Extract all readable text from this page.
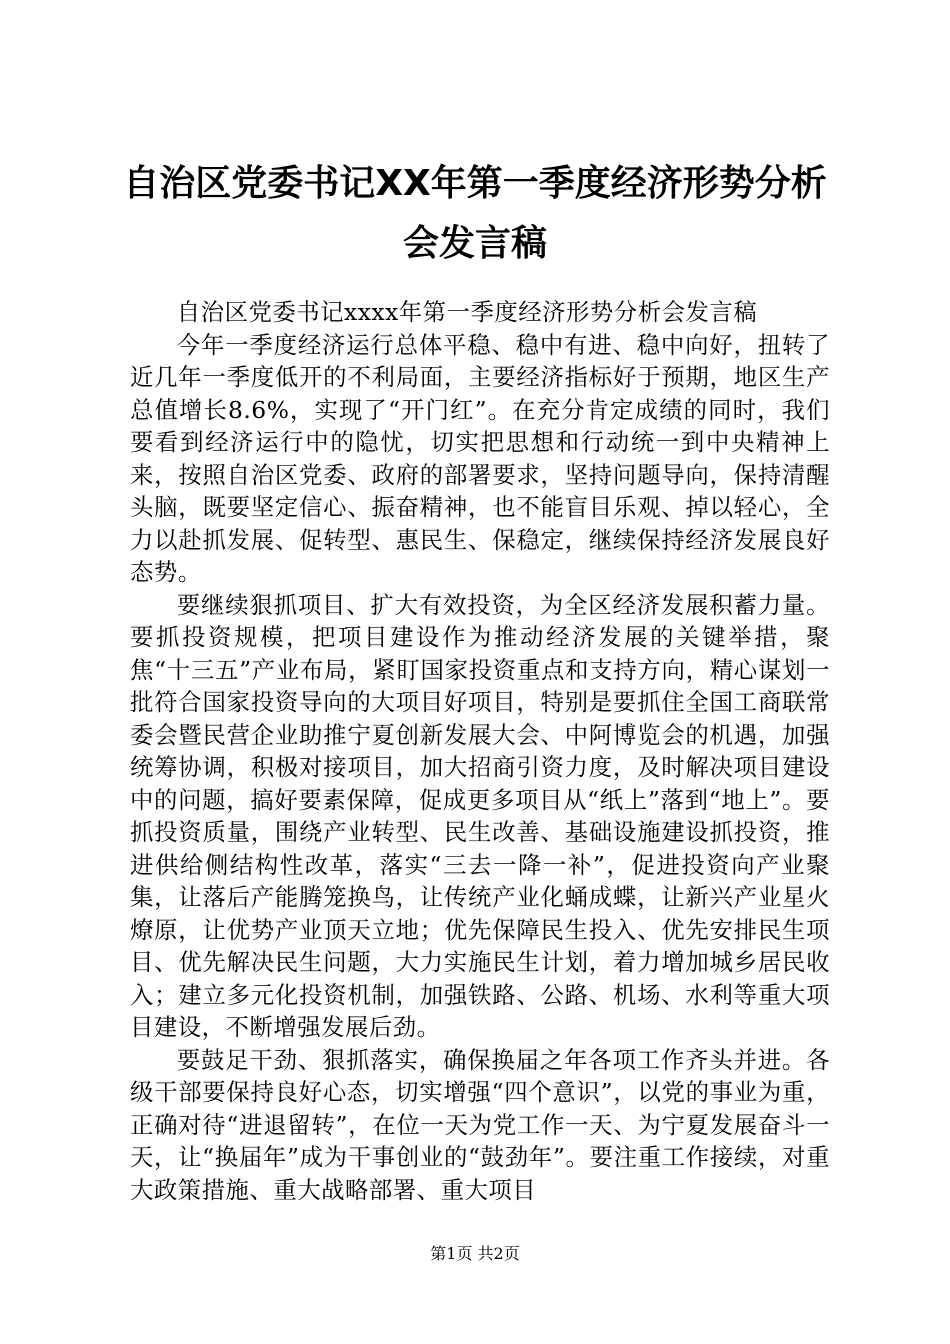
自治区党委书记XX年第一季度经济形势分析
会发言稿

自治区党委书记xxxx年第一季度经济形势分析会发言稿

今年一季度经济运行总体平稳、稳中有进、稳中向好，扭转了近几年一季度低开的不利局面，主要经济指标好于预期，地区生产总值增长8.6%，实现了“开门红”。在充分肯定成绩的同时，我们要看到经济运行中的隐忧，切实把思想和行动统一到中央精神上来，按照自治区党委、政府的部署要求，坚持问题导向，保持清醒头脑，既要坚定信心、振奋精神，也不能盲目乐观、掉以轻心，全力以赴抓发展、促转型、惠民生、保稳定，继续保持经济发展良好态势。

要继续狠抓项目、扩大有效投资，为全区经济发展积蓄力量。要抓投资规模，把项目建设作为推动经济发展的关键举措，聚焦“十三五”产业布局，紧盯国家投资重点和支持方向，精心谋划一批符合国家投资导向的大项目好项目，特别是要抓住全国工商联常委会暨民营企业助推宁夏创新发展大会、中阿博览会的机遇，加强统筹协调，积极对接项目，加大招商引资力度，及时解决项目建设中的问题，搞好要素保障，促成更多项目从“纸上”落到“地上”。要抓投资质量，围绕产业转型、民生改善、基础设施建设抓投资，推进供给侧结构性改革，落实“三去一降一补”，促进投资向产业聚集，让落后产能腾笼换鸟，让传统产业化蛹成蝶，让新兴产业星火燎原，让优势产业顶天立地；优先保障民生投入、优先安排民生项目、优先解决民生问题，大力实施民生计划，着力增加城乡居民收入；建立多元化投资机制，加强铁路、公路、机场、水利等重大项目建设，不断增强发展后劲。

要鼓足干劲、狠抓落实，确保换届之年各项工作齐头并进。各级干部要保持良好心态，切实增强“四个意识”，以党的事业为重，正确对待“进退留转”，在位一天为党工作一天、为宁夏发展奋斗一天，让“换届年”成为干事创业的“鼓劲年”。要注重工作接续，对重大政策措施、重大战略部署、重大项目

第1页 共2页
